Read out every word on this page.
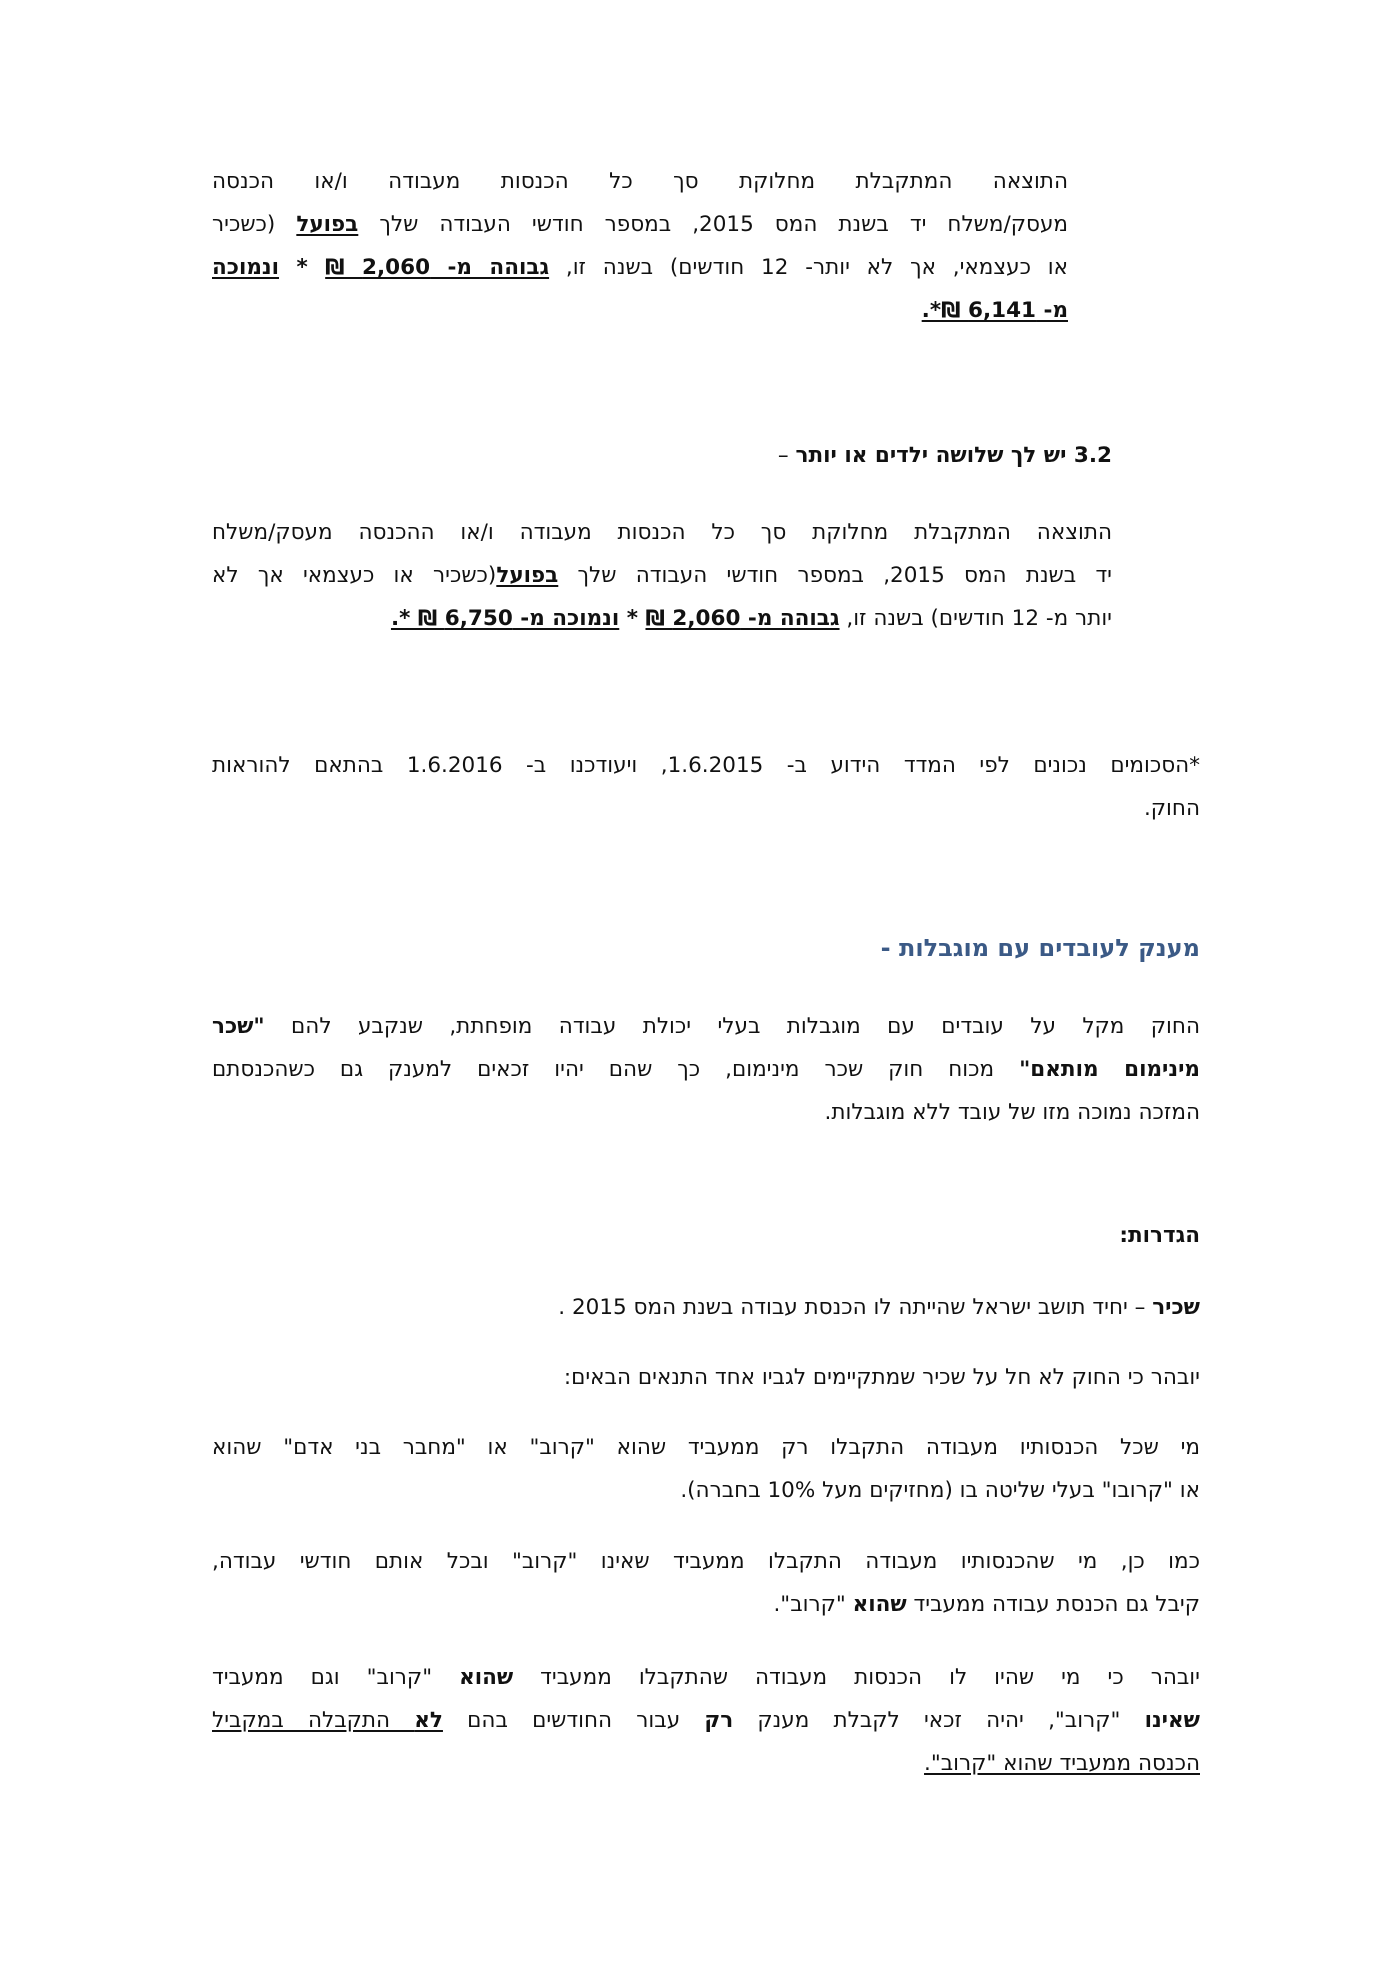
התוצאה המתקבלת מחלוקת סך כל הכנסות מעבודה ו/או הכנסה
מעסק/משלח יד בשנת המס 2015, במספר חודשי העבודה שלך בפועל (כשכיר
או כעצמאי, אך לא יותר- 12 חודשים) בשנה זו, גבוהה מ- 2,060 ₪ * ונמוכה
מ- 6,141 ₪*.
3.2 יש לך שלושה ילדים או יותר –
התוצאה המתקבלת מחלוקת סך כל הכנסות מעבודה ו/או ההכנסה מעסק/משלח
יד בשנת המס 2015, במספר חודשי העבודה שלך בפועל(כשכיר או כעצמאי אך לא
יותר מ- 12 חודשים) בשנה זו, גבוהה מ- 2,060 ₪ * ונמוכה מ- 6,750 ₪ *.
*הסכומים נכונים לפי המדד הידוע ב- 1.6.2015, ויעודכנו ב- 1.6.2016 בהתאם להוראות
החוק.
מענק לעובדים עם מוגבלות -
החוק מקל על עובדים עם מוגבלות בעלי יכולת עבודה מופחתת, שנקבע להם "שכר
מינימום מותאם" מכוח חוק שכר מינימום, כך שהם יהיו זכאים למענק גם כשהכנסתם
המזכה נמוכה מזו של עובד ללא מוגבלות.
הגדרות:
שכיר – יחיד תושב ישראל שהייתה לו הכנסת עבודה בשנת המס 2015 .
יובהר כי החוק לא חל על שכיר שמתקיימים לגביו אחד התנאים הבאים:
מי שכל הכנסותיו מעבודה התקבלו רק ממעביד שהוא "קרוב" או "מחבר בני אדם" שהוא
או "קרובו" בעלי שליטה בו (מחזיקים מעל 10% בחברה).
כמו כן, מי שהכנסותיו מעבודה התקבלו ממעביד שאינו "קרוב" ובכל אותם חודשי עבודה,
קיבל גם הכנסת עבודה ממעביד שהוא "קרוב".
יובהר כי מי שהיו לו הכנסות מעבודה שהתקבלו ממעביד שהוא "קרוב" וגם ממעביד
שאינו "קרוב", יהיה זכאי לקבלת מענק רק עבור החודשים בהם לא התקבלה במקביל
הכנסה ממעביד שהוא "קרוב".
